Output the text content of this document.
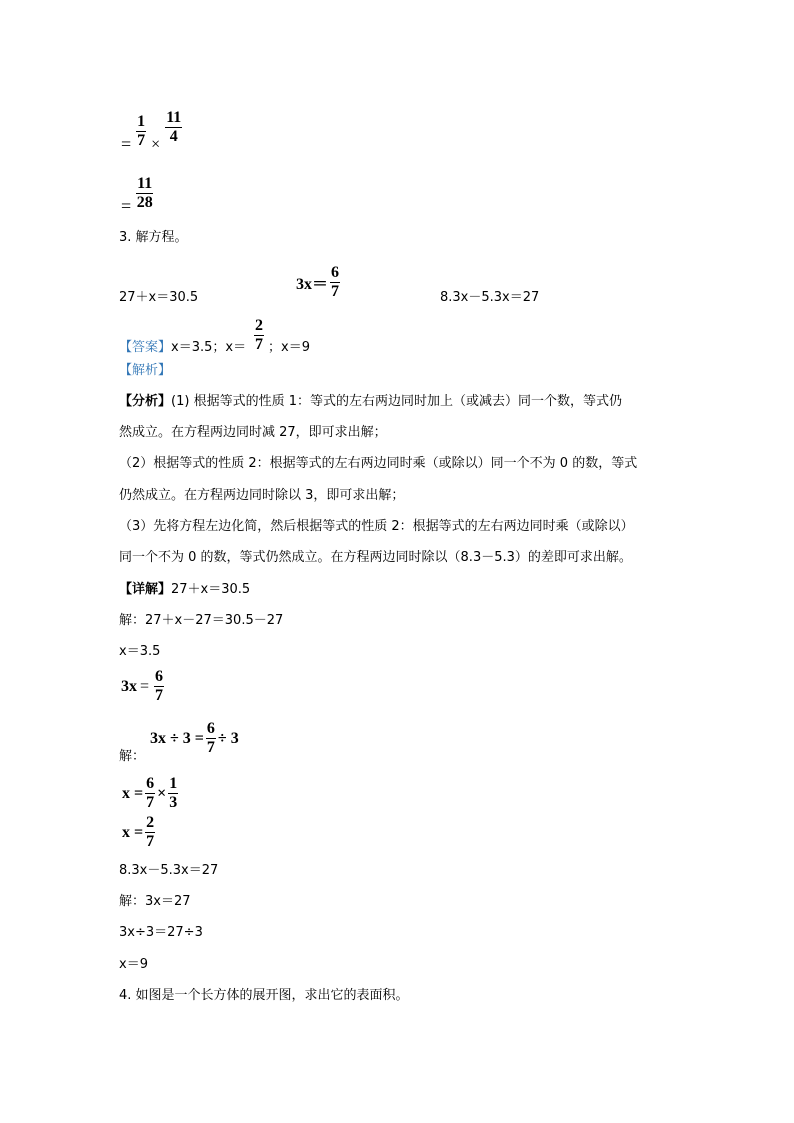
= $\frac{1}{7} \times \frac{11}{4}$
= $\frac{11}{28}$
3. 解方程。
27＋x＝30.5
$3x= \frac{6}{7}$	8.3x－5.3x＝27
【答案】x＝3.5；$x= \frac{2}{7}$ ；x＝9
【解析】
【分析】(1) 根据等式的性质 1：等式的左右两边同时加上（或减去）同一个数，等式仍
然成立。在方程两边同时减 27，即可求出解；
（2）根据等式的性质 2：根据等式的左右两边同时乘（或除以）同一个不为 0 的数，等式
仍然成立。在方程两边同时除以 3，即可求出解；
（3）先将方程左边化简，然后根据等式的性质 2：根据等式的左右两边同时乘（或除以）
同一个不为 0 的数，等式仍然成立。在方程两边同时除以（8.3－5.3）的差即可求出解。
【详解】27＋x＝30.5
解：27＋x－27＝30.5－27
x＝3.5
$3x = \frac{6}{7}$
解：
$3x \div 3 = \frac{6}{7} \div 3$
$x = \frac{6}{7} \times \frac{1}{3}$
$x = \frac{2}{7}$
8.3x－5.3x＝27
解：3x＝27
3x÷3＝27÷3
x＝9
4. 如图是一个长方体的展开图，求出它的表面积。
